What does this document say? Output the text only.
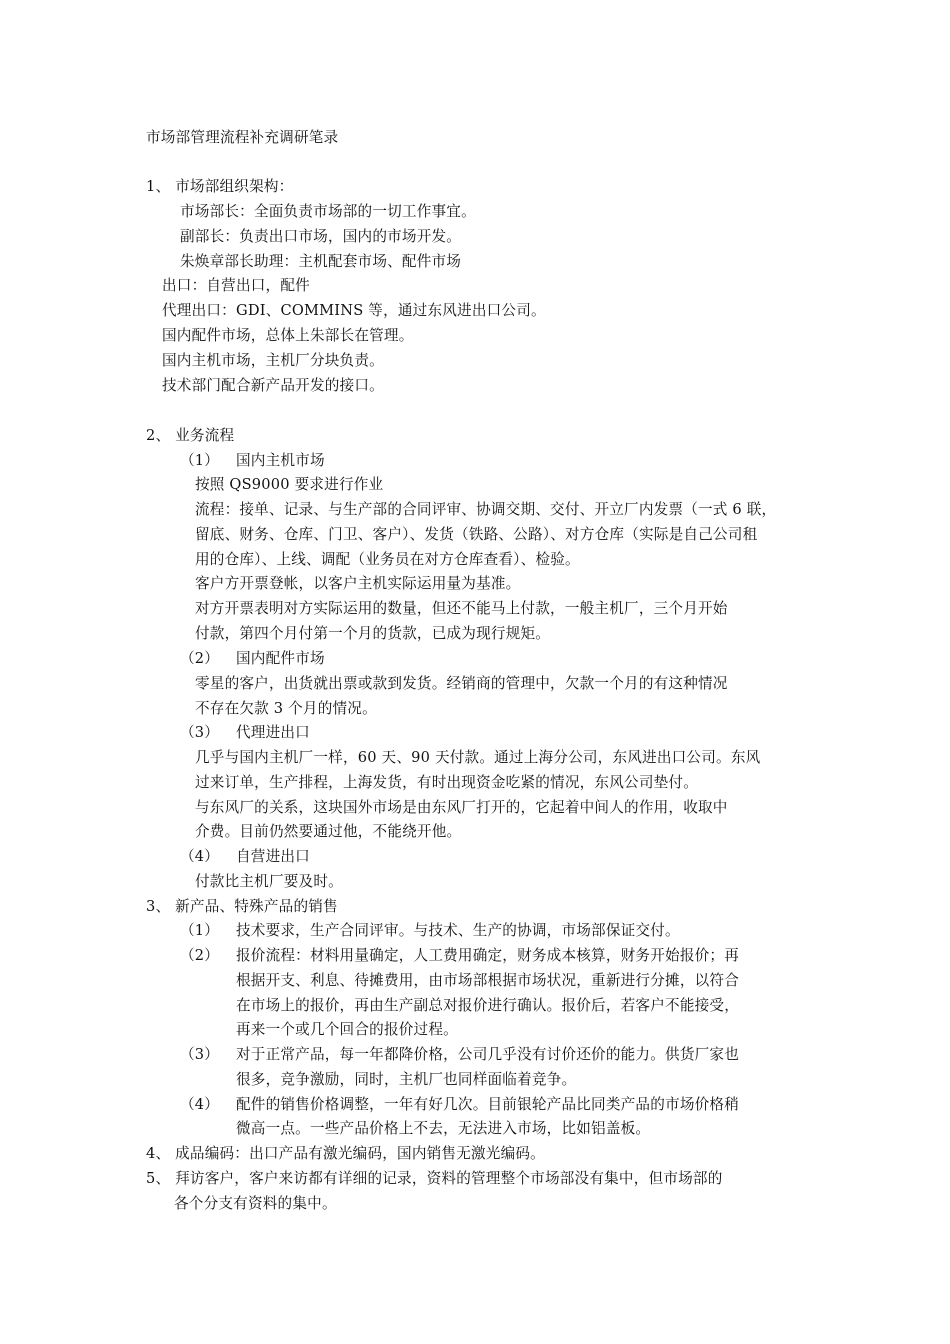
市场部管理流程补充调研笔录
1、 市场部组织架构：
市场部长：全面负责市场部的一切工作事宜。
副部长：负责出口市场，国内的市场开发。
朱焕章部长助理：主机配套市场、配件市场
出口：自营出口，配件
代理出口：GDI、COMMINS 等，通过东风进出口公司。
国内配件市场，总体上朱部长在管理。
国内主机市场，主机厂分块负责。
技术部门配合新产品开发的接口。
2、 业务流程
（1） 国内主机市场
按照 QS9000 要求进行作业
流程：接单、记录、与生产部的合同评审、协调交期、交付、开立厂内发票（一式 6 联，
留底、财务、仓库、门卫、客户）、发货（铁路、公路）、对方仓库（实际是自己公司租
用的仓库）、上线、调配（业务员在对方仓库查看）、检验。
客户方开票登帐，以客户主机实际运用量为基准。
对方开票表明对方实际运用的数量，但还不能马上付款，一般主机厂，三个月开始
付款，第四个月付第一个月的货款，已成为现行规矩。
（2） 国内配件市场
零星的客户，出货就出票或款到发货。经销商的管理中，欠款一个月的有这种情况
不存在欠款 3 个月的情况。
（3） 代理进出口
几乎与国内主机厂一样，60 天、90 天付款。通过上海分公司，东风进出口公司。东风
过来订单，生产排程，上海发货，有时出现资金吃紧的情况，东风公司垫付。
与东风厂的关系，这块国外市场是由东风厂打开的，它起着中间人的作用，收取中
介费。目前仍然要通过他，不能绕开他。
（4） 自营进出口
付款比主机厂要及时。
3、 新产品、特殊产品的销售
（1） 技术要求，生产合同评审。与技术、生产的协调，市场部保证交付。
（2） 报价流程：材料用量确定，人工费用确定，财务成本核算，财务开始报价；再
根据开支、利息、待摊费用，由市场部根据市场状况，重新进行分摊，以符合
在市场上的报价，再由生产副总对报价进行确认。报价后，若客户不能接受，
再来一个或几个回合的报价过程。
（3） 对于正常产品，每一年都降价格，公司几乎没有讨价还价的能力。供货厂家也
很多，竞争激励，同时，主机厂也同样面临着竞争。
（4） 配件的销售价格调整，一年有好几次。目前银轮产品比同类产品的市场价格稍
微高一点。一些产品价格上不去，无法进入市场，比如铝盖板。
4、 成品编码：出口产品有激光编码，国内销售无激光编码。
5、 拜访客户，客户来访都有详细的记录，资料的管理整个市场部没有集中，但市场部的
各个分支有资料的集中。
